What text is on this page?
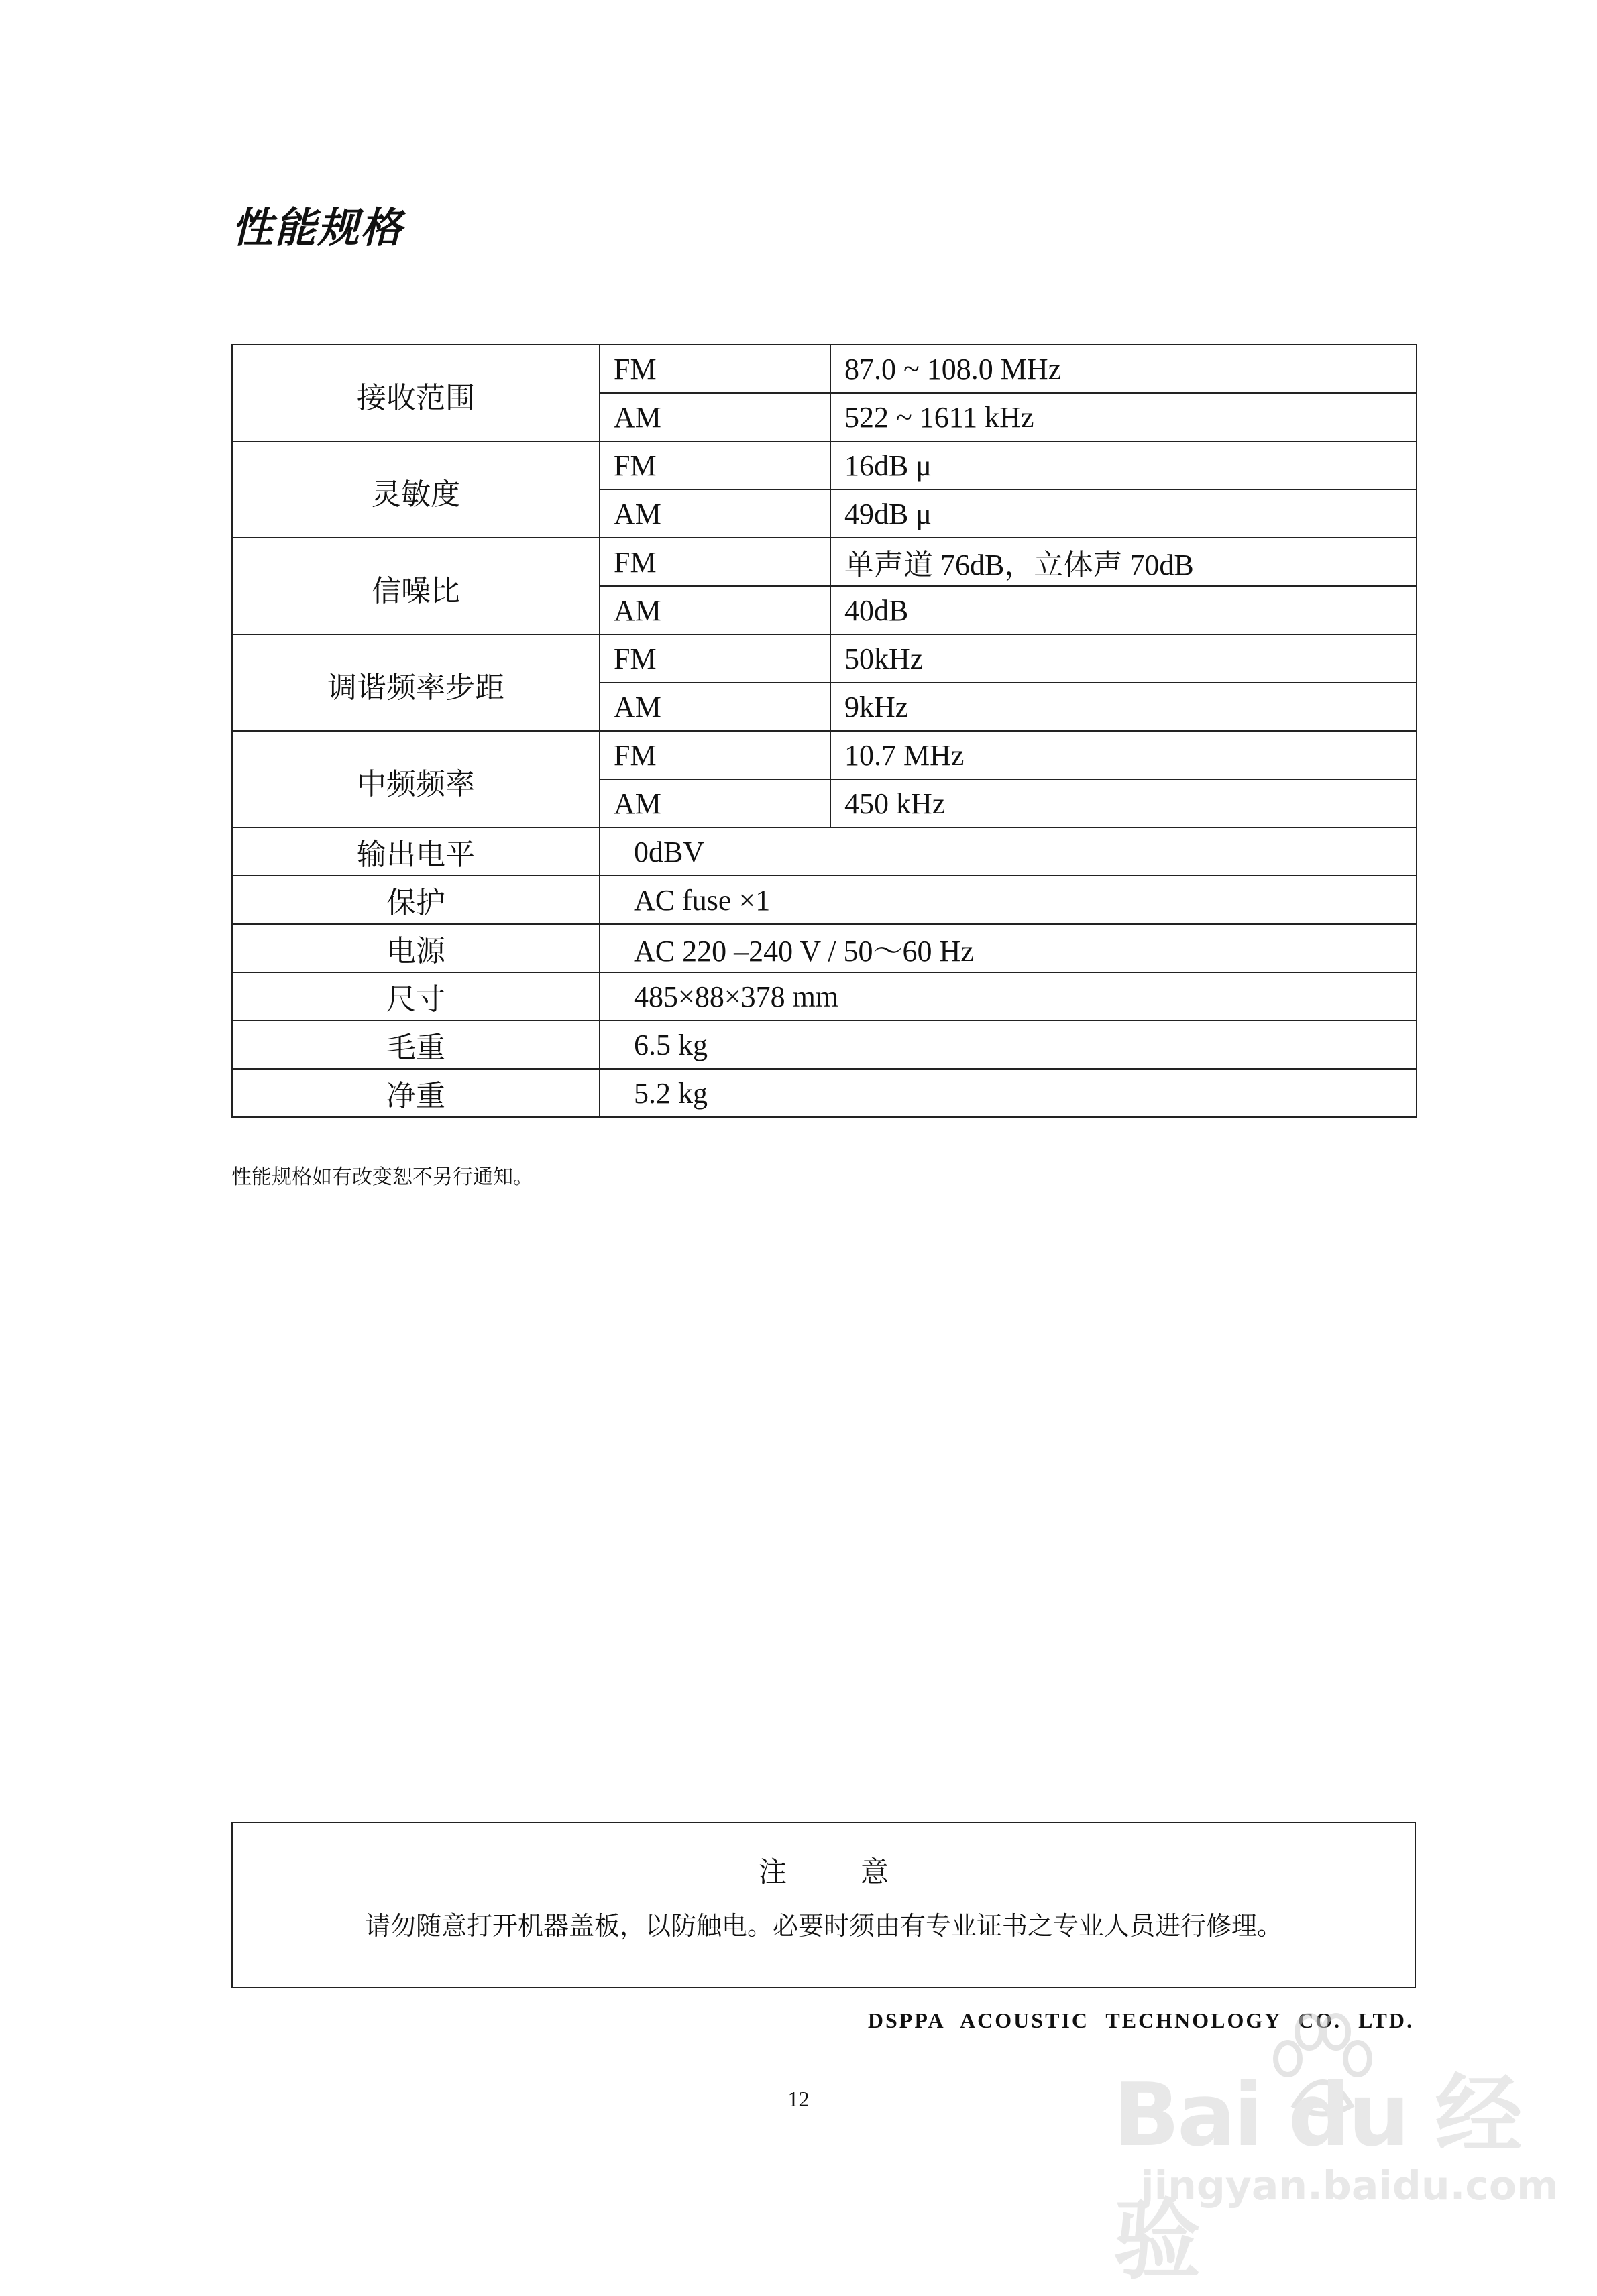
性能规格
接收范围	FM	87.0 ~ 108.0 MHz
	AM	522 ~ 1611 kHz
灵敏度	FM	16dB μ
	AM	49dB μ
信噪比	FM	单声道 76dB，立体声 70dB
	AM	40dB
调谐频率步距	FM	50kHz
	AM	9kHz
中频频率	FM	10.7 MHz
	AM	450 kHz
输出电平	0dBV	
保护	AC fuse ×1	
电源	AC 220 –240 V / 50～60 Hz	
尺寸	485×88×378 mm	
毛重	6.5 kg	
净重	5.2 kg	
性能规格如有改变恕不另行通知。
注意
请勿随意打开机器盖板，以防触电。必要时须由有专业证书之专业人员进行修理。
DSPPA ACOUSTIC TECHNOLOGY CO. LTD.
12	Bai du 经验
jingyan.baidu.com
